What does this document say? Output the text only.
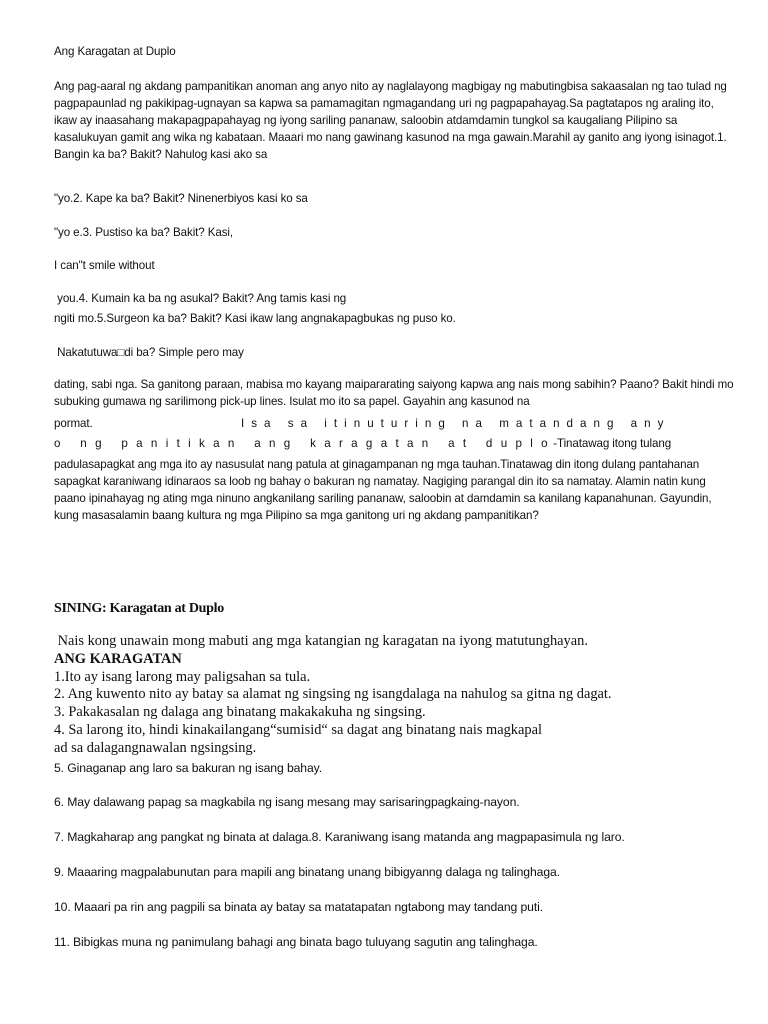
Ang Karagatan at Duplo
Ang pag-aaral ng akdang pampanitikan anoman ang anyo nito ay naglalayong magbigay ng mabutingbisa sakaasalan ng tao tulad ng pagpapaunlad ng pakikipag-ugnayan sa kapwa sa pamamagitan ngmagandang uri ng pagpapahayag.Sa pagtatapos ng araling ito, ikaw ay inaasahang makapagpapahayag ng iyong sariling pananaw, saloobin atdamdamin tungkol sa kaugaliang Pilipino sa kasalukuyan gamit ang wika ng kabataan. Maaari mo nang gawinang kasunod na mga gawain.Marahil ay ganito ang iyong isinagot.1. Bangin ka ba? Bakit? Nahulog kasi ako sa
"yo.2. Kape ka ba? Bakit? Ninenerbiyos kasi ko sa
"yo e.3. Pustiso ka ba? Bakit? Kasi,
I can"t smile without
you.4. Kumain ka ba ng asukal? Bakit? Ang tamis kasi ng
ngiti mo.5.Surgeon ka ba? Bakit? Kasi ikaw lang angnakapagbukas ng puso ko.
Nakatutuwa□di ba? Simple pero may
dating, sabi nga. Sa ganitong paraan, mabisa mo kayang maipararating saiyong kapwa ang nais mong sabihin? Paano? Bakit hindi mo subuking gumawa ng sarilimong pick-up lines. Isulat mo ito sa papel. Gayahin ang kasunod na
pormat.	I s a   s a   i t i n u t u r i n g   n a   m a t a n d a n g   a n y
o   n g   p a n i t i k a n   a n g   k a r a g a t a n   a t   d u p l o -Tinatawag itong tulang
padulasapagkat ang mga ito ay nasusulat nang patula at ginagampanan ng mga tauhan.Tinatawag din itong dulang pantahanan sapagkat karaniwang idinaraos sa loob ng bahay o bakuran ng namatay. Nagiging parangal din ito sa namatay. Alamin natin kung paano ipinahayag ng ating mga ninuno angkanilang sariling pananaw, saloobin at damdamin sa kanilang kapanahunan. Gayundin, kung masasalamin baang kultura ng mga Pilipino sa mga ganitong uri ng akdang pampanitikan?
SINING: Karagatan at Duplo
Nais kong unawain mong mabuti ang mga katangian ng karagatan na iyong matutunghayan.
ANG KARAGATAN
1.Ito ay isang larong may paligsahan sa tula.
2. Ang kuwento nito ay batay sa alamat ng singsing ng isangdalaga na nahulog sa gitna ng dagat.
3. Pakakasalan ng dalaga ang binatang makakakuha ng singsing.
4. Sa larong ito, hindi kinakailangang“sumisid“ sa dagat ang binatang nais magkapal
ad sa dalagangnawalan ngsingsing.
5. Ginaganap ang laro sa bakuran ng isang bahay.
6. May dalawang papag sa magkabila ng isang mesang may sarisaringpagkaing-nayon.
7. Magkaharap ang pangkat ng binata at dalaga.8. Karaniwang isang matanda ang magpapasimula ng laro.
9. Maaaring magpalabunutan para mapili ang binatang unang bibigyanng dalaga ng talinghaga.
10. Maaari pa rin ang pagpili sa binata ay batay sa matatapatan ngtabong may tandang puti.
11. Bibigkas muna ng panimulang bahagi ang binata bago tuluyang sagutin ang talinghaga.
